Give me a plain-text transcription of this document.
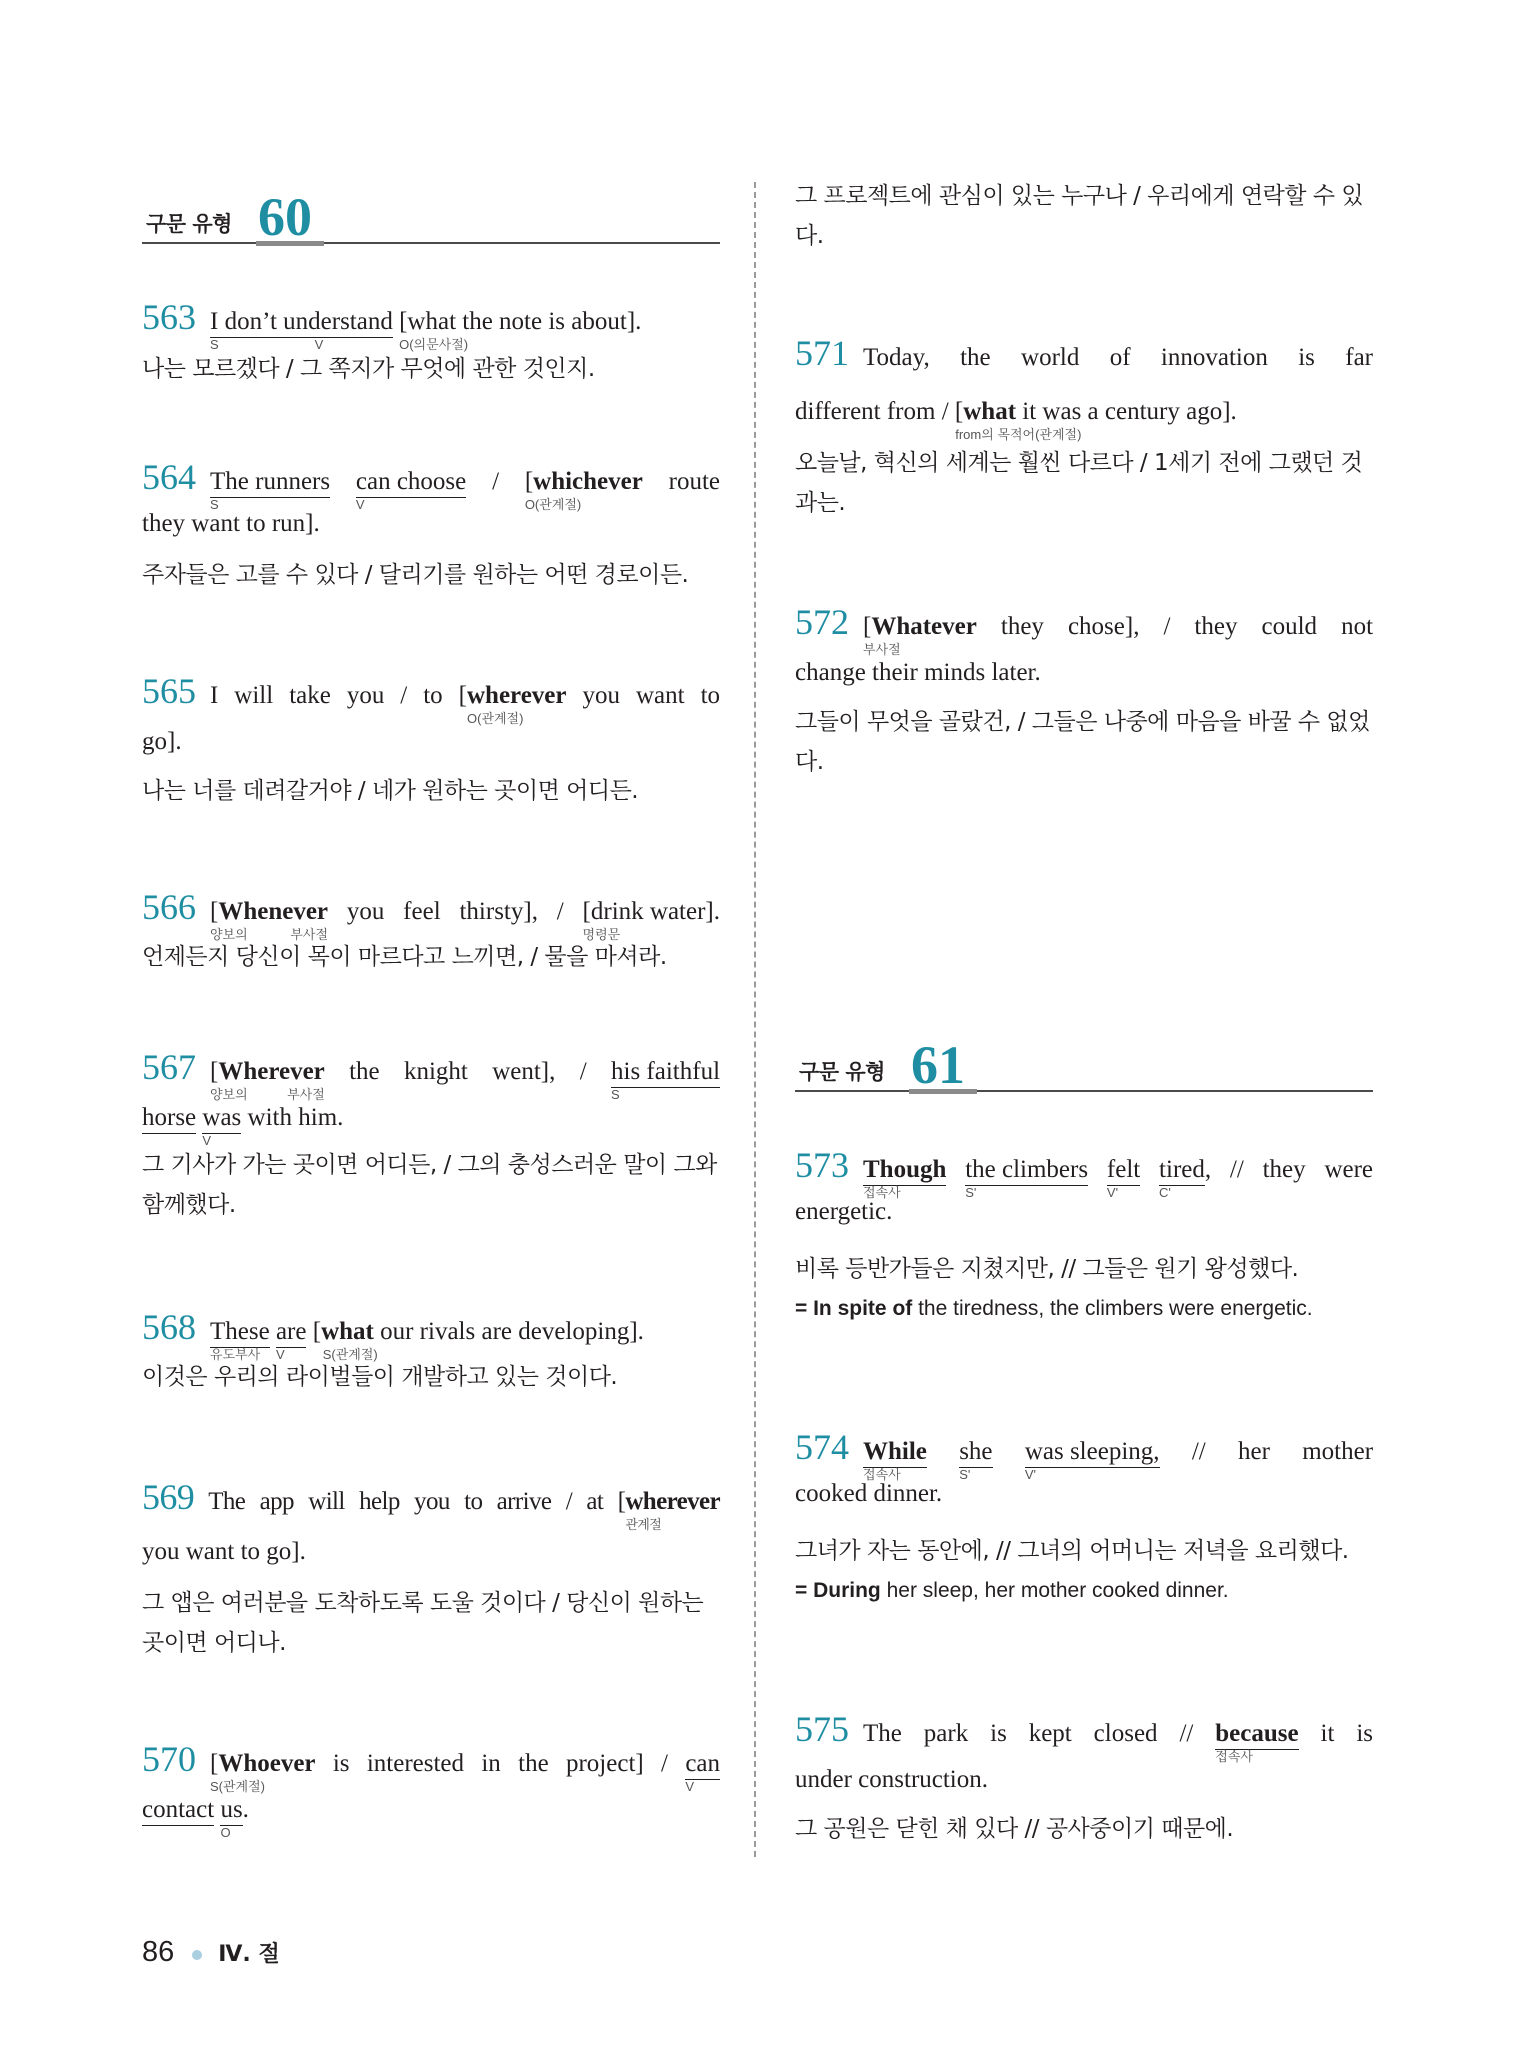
구문 유형 60
563 I don’t understand
S	V
[what the note is about].
O(의문사절)
나는 모르겠다 / 그 쪽지가 무엇에 관한 것인지.
564 The runners
S
can choose
V
/ [whichever
O(관계절)
route
they want to run].
주자들은 고를 수 있다 / 달리기를 원하는 어떤 경로이든.
565 I will take you / to [wherever
O(관계절)
you want to
go].
나는 너를 데려갈거야 / 네가 원하는 곳이면 어디든.
566 [Whenever
양보의 부사절
you feel thirsty], / [drink water].
명령문
언제든지 당신이 목이 마르다고 느끼면, / 물을 마셔라.
567 [Wherever
양보의 부사절
the knight went], / his faithful
S
horse was
V
with him.
그 기사가 가는 곳이면 어디든, / 그의 충성스러운 말이 그와 함께했다.
568 These
유도부사
are
V
[what
S(관계절)
our rivals are developing].
이것은 우리의 라이벌들이 개발하고 있는 것이다.
569 The app will help you to arrive / at [wherever
관계절
you want to go].
그 앱은 여러분을 도착하도록 도울 것이다 / 당신이 원하는 곳이면 어디나.
570 [Whoever
S(관계절)
is interested in the project] / can
V
contact us
O
.
그 프로젝트에 관심이 있는 누구나 / 우리에게 연락할 수 있다.
571 Today, the world of innovation is far
different from / [what
from의 목적어(관계절)
it was a century ago].
오늘날, 혁신의 세계는 훨씬 다르다 / 1세기 전에 그랬던 것과는.
572 [Whatever
부사절
they chose], / they could not
change their minds later.
그들이 무엇을 골랐건, / 그들은 나중에 마음을 바꿀 수 없었다.
구문 유형 61
573 Though
접속사
the climbers
S'
felt
V'
tired
C'
, // they were
energetic.
비록 등반가들은 지쳤지만, // 그들은 원기 왕성했다.
= In spite of the tiredness, the climbers were energetic.
574 While
접속사
she
S'
was sleeping,
V'
// her mother
cooked dinner.
그녀가 자는 동안에, // 그녀의 어머니는 저녁을 요리했다.
= During her sleep, her mother cooked dinner.
575 The park is kept closed // because
접속사
it is
under construction.
그 공원은 닫힌 채 있다 // 공사중이기 때문에.
86 Ⅳ. 절
